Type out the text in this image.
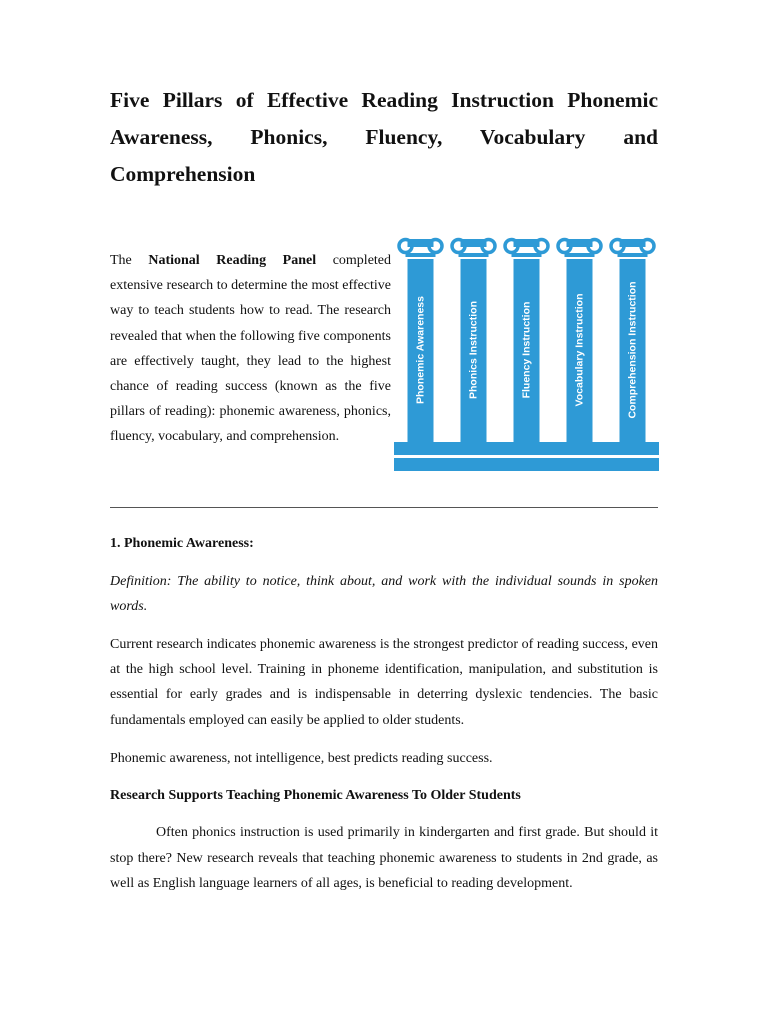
Five Pillars of Effective Reading Instruction Phonemic Awareness, Phonics, Fluency, Vocabulary and Comprehension

The National Reading Panel completed extensive research to determine the most effective way to teach students how to read. The research revealed that when the following five components are effectively taught, they lead to the highest chance of reading success (known as the five pillars of reading): phonemic awareness, phonics, fluency, vocabulary, and comprehension.

Phonemic Awareness	Phonics Instruction	Fluency Instruction	Vocabulary Instruction	Comprehension Instruction
1. Phonemic Awareness:

Definition: The ability to notice, think about, and work with the individual sounds in spoken words.

Current research indicates phonemic awareness is the strongest predictor of reading success, even at the high school level. Training in phoneme identification, manipulation, and substitution is essential for early grades and is indispensable in deterring dyslexic tendencies. The basic fundamentals employed can easily be applied to older students.

Phonemic awareness, not intelligence, best predicts reading success.

Research Supports Teaching Phonemic Awareness To Older Students

Often phonics instruction is used primarily in kindergarten and first grade. But should it stop there? New research reveals that teaching phonemic awareness to students in 2nd grade, as well as English language learners of all ages, is beneficial to reading development.
